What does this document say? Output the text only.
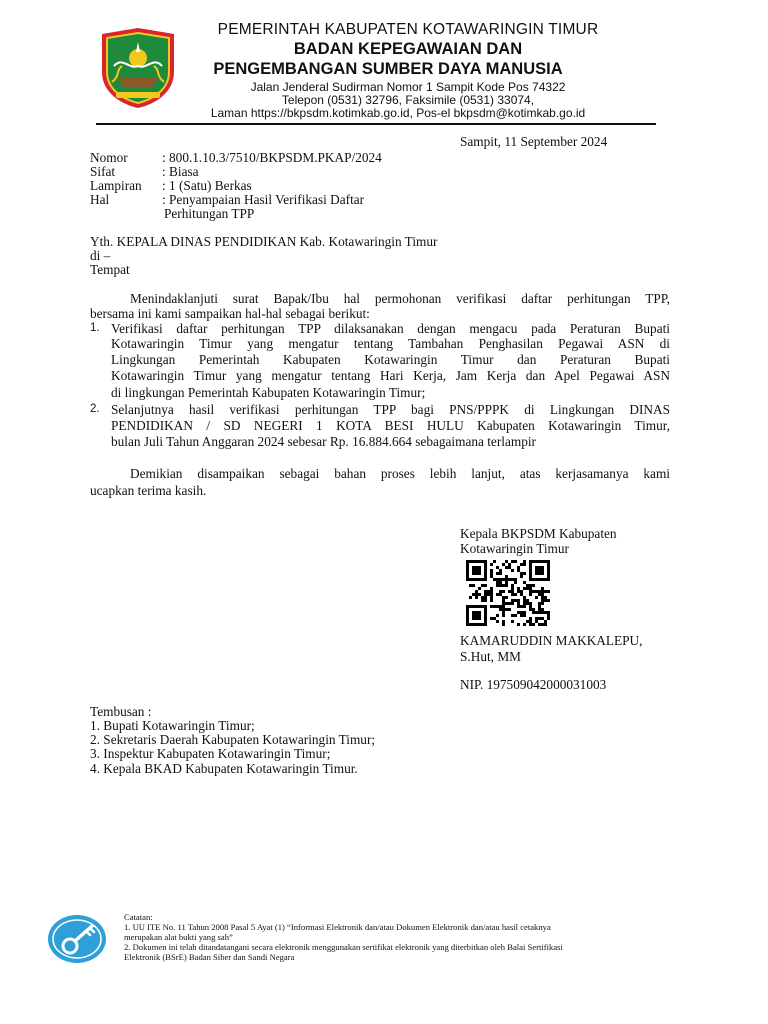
PEMERINTAH KABUPATEN KOTAWARINGIN TIMUR
BADAN KEPEGAWAIAN DAN
PENGEMBANGAN SUMBER DAYA MANUSIA
Jalan Jenderal Sudirman Nomor 1 Sampit Kode Pos 74322
Telepon (0531) 32796, Faksimile (0531) 33074,
Laman https://bkpsdm.kotimkab.go.id, Pos-el bkpsdm@kotimkab.go.id
Sampit, 11 September 2024
Nomor	: 800.1.10.3/7510/BKPSDM.PKAP/2024
Sifat	: Biasa
Lampiran : 1 (Satu) Berkas
Hal	: Penyampaian Hasil Verifikasi Daftar
Perhitungan TPP
Yth. KEPALA DINAS PENDIDIKAN Kab. Kotawaringin Timur
di –
Tempat
Menindaklanjuti surat Bapak/Ibu hal permohonan verifikasi daftar perhitungan TPP,
bersama ini kami sampaikan hal-hal sebagai berikut:
1. Verifikasi daftar perhitungan TPP dilaksanakan dengan mengacu pada Peraturan Bupati
Kotawaringin Timur yang mengatur tentang Tambahan Penghasilan Pegawai ASN di
Lingkungan Pemerintah Kabupaten Kotawaringin Timur dan Peraturan Bupati
Kotawaringin Timur yang mengatur tentang Hari Kerja, Jam Kerja dan Apel Pegawai ASN
di lingkungan Pemerintah Kabupaten Kotawaringin Timur;
2. Selanjutnya hasil verifikasi perhitungan TPP bagi PNS/PPPK di Lingkungan DINAS
PENDIDIKAN / SD NEGERI 1 KOTA BESI HULU Kabupaten Kotawaringin Timur,
bulan Juli Tahun Anggaran 2024 sebesar Rp. 16.884.664 sebagaimana terlampir
Demikian disampaikan sebagai bahan proses lebih lanjut, atas kerjasamanya kami
ucapkan terima kasih.
Kepala BKPSDM Kabupaten
Kotawaringin Timur
KAMARUDDIN MAKKALEPU,
S.Hut, MM
NIP. 197509042000031003
Tembusan :
1. Bupati Kotawaringin Timur;
2. Sekretaris Daerah Kabupaten Kotawaringin Timur;
3. Inspektur Kabupaten Kotawaringin Timur;
4. Kepala BKAD Kabupaten Kotawaringin Timur.
Catatan:
1. UU ITE No. 11 Tahun 2008 Pasal 5 Ayat (1) “Informasi Elektronik dan/atau Dokumen Elektronik dan/atau hasil cetaknya
merupakan alat bukti yang sah”
2. Dokumen ini telah ditandatangani secara elektronik menggunakan sertifikat elektronik yang diterbitkan oleh Balai Sertifikasi
Elektronik (BSrE) Badan Siber dan Sandi Negara
